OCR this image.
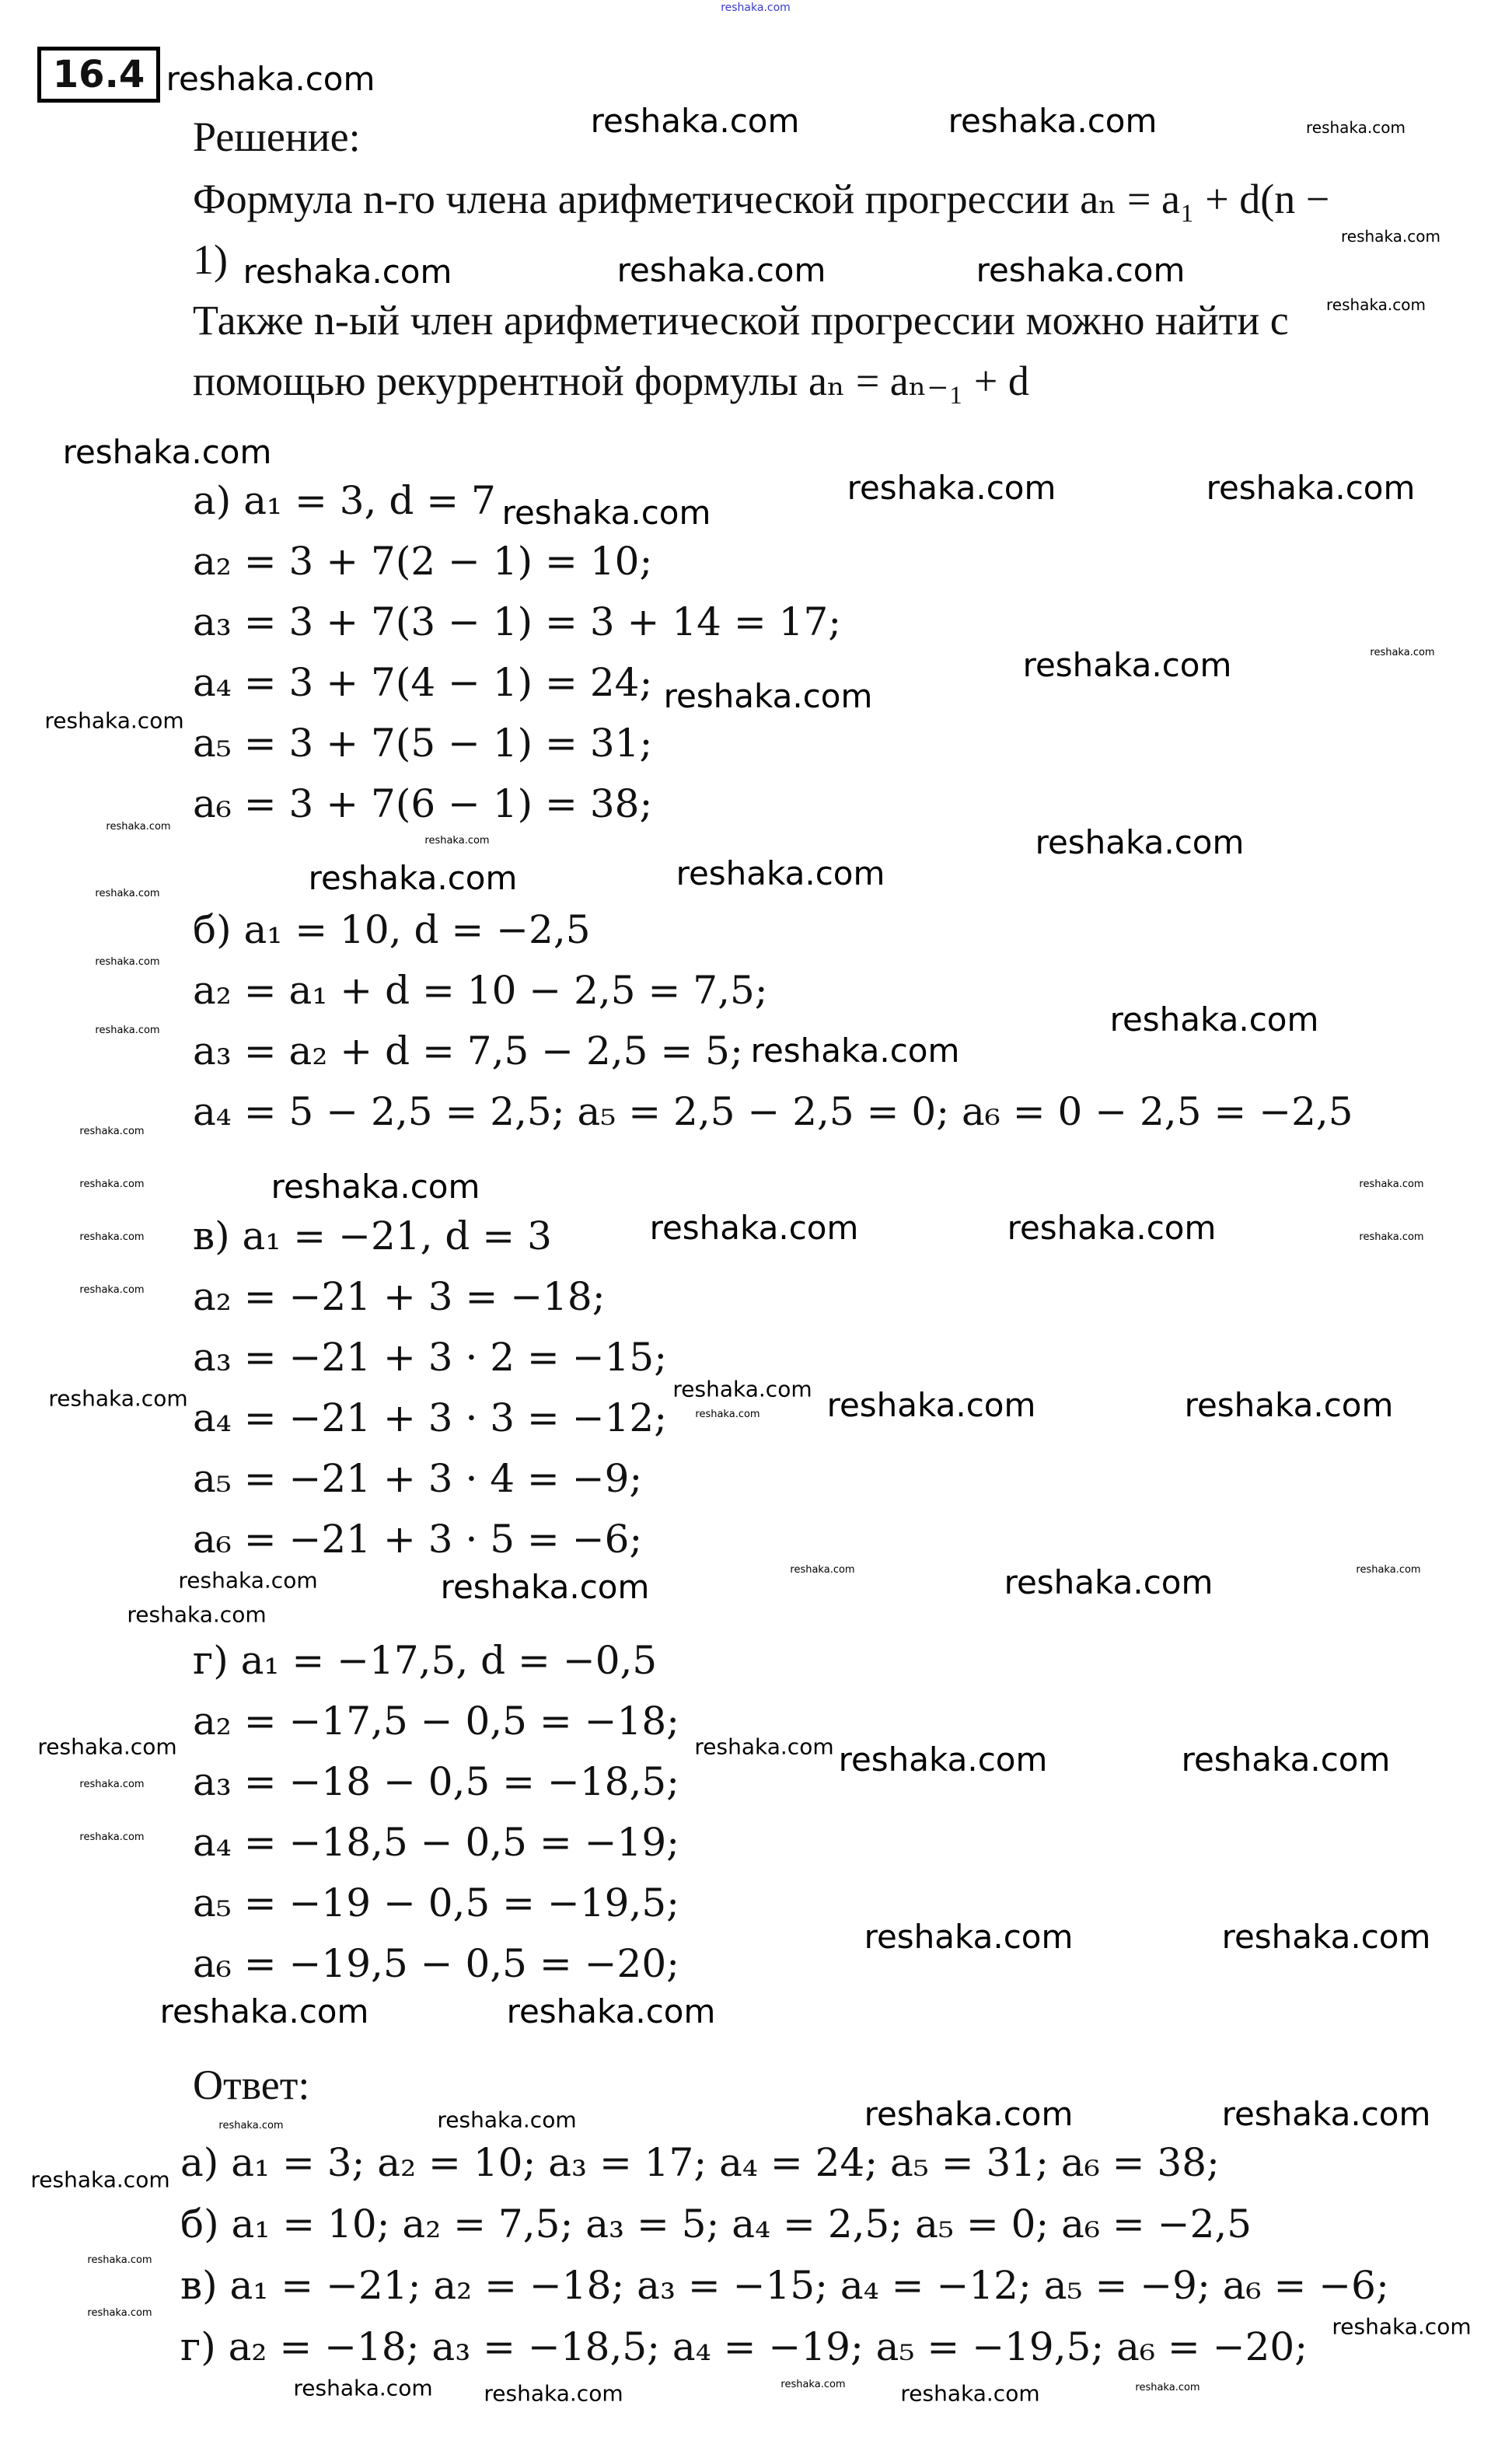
reshaka.com
16.4
Решение:
Формула n-го члена арифметической прогрессии aₙ = a₁ + d(n −
1)
Также n-ый член арифметической прогрессии можно найти с
помощью рекуррентной формулы aₙ = aₙ₋₁ + d
а) a₁ = 3, d = 7
a₂ = 3 + 7(2 − 1) = 10;
a₃ = 3 + 7(3 − 1) = 3 + 14 = 17;
a₄ = 3 + 7(4 − 1) = 24;
a₅ = 3 + 7(5 − 1) = 31;
a₆ = 3 + 7(6 − 1) = 38;
б) a₁ = 10, d = −2,5
a₂ = a₁ + d = 10 − 2,5 = 7,5;
a₃ = a₂ + d = 7,5 − 2,5 = 5;
a₄ = 5 − 2,5 = 2,5; a₅ = 2,5 − 2,5 = 0; a₆ = 0 − 2,5 = −2,5
в) a₁ = −21, d = 3
a₂ = −21 + 3 = −18;
a₃ = −21 + 3 · 2 = −15;
a₄ = −21 + 3 · 3 = −12;
a₅ = −21 + 3 · 4 = −9;
a₆ = −21 + 3 · 5 = −6;
г) a₁ = −17,5, d = −0,5
a₂ = −17,5 − 0,5 = −18;
a₃ = −18 − 0,5 = −18,5;
a₄ = −18,5 − 0,5 = −19;
a₅ = −19 − 0,5 = −19,5;
a₆ = −19,5 − 0,5 = −20;
Ответ:
а) a₁ = 3; a₂ = 10; a₃ = 17; a₄ = 24; a₅ = 31; a₆ = 38;
б) a₁ = 10; a₂ = 7,5; a₃ = 5; a₄ = 2,5; a₅ = 0; a₆ = −2,5
в) a₁ = −21; a₂ = −18; a₃ = −15; a₄ = −12; a₅ = −9; a₆ = −6;
г) a₂ = −18; a₃ = −18,5; a₄ = −19; a₅ = −19,5; a₆ = −20;
reshaka.com
reshaka.com	reshaka.com	reshaka.com
reshaka.com
reshaka.com	reshaka.com	reshaka.com
reshaka.com
reshaka.com
reshaka.com	reshaka.com
reshaka.com
reshaka.com
reshaka.com
reshaka.com
reshaka.com
reshaka.com
reshaka.com	reshaka.com
reshaka.com
reshaka.com	reshaka.com
reshaka.com
reshaka.com	reshaka.com
reshaka.com
reshaka.com
reshaka.com	reshaka.com
reshaka.com
reshaka.com	reshaka.com
reshaka.com	reshaka.com
reshaka.com
reshaka.com	reshaka.com
reshaka.com reshaka.com	reshaka.com
reshaka.com	reshaka.com	reshaka.com	reshaka.com	reshaka.com
reshaka.com
reshaka.com	reshaka.com reshaka.com	reshaka.com
reshaka.com
reshaka.com
reshaka.com	reshaka.com
reshaka.com	reshaka.com
reshaka.com	reshaka.com
reshaka.com
reshaka.com	reshaka.com
reshaka.com
reshaka.com
reshaka.com reshaka.com	reshaka.com	reshaka.com	reshaka.com
reshaka.com
